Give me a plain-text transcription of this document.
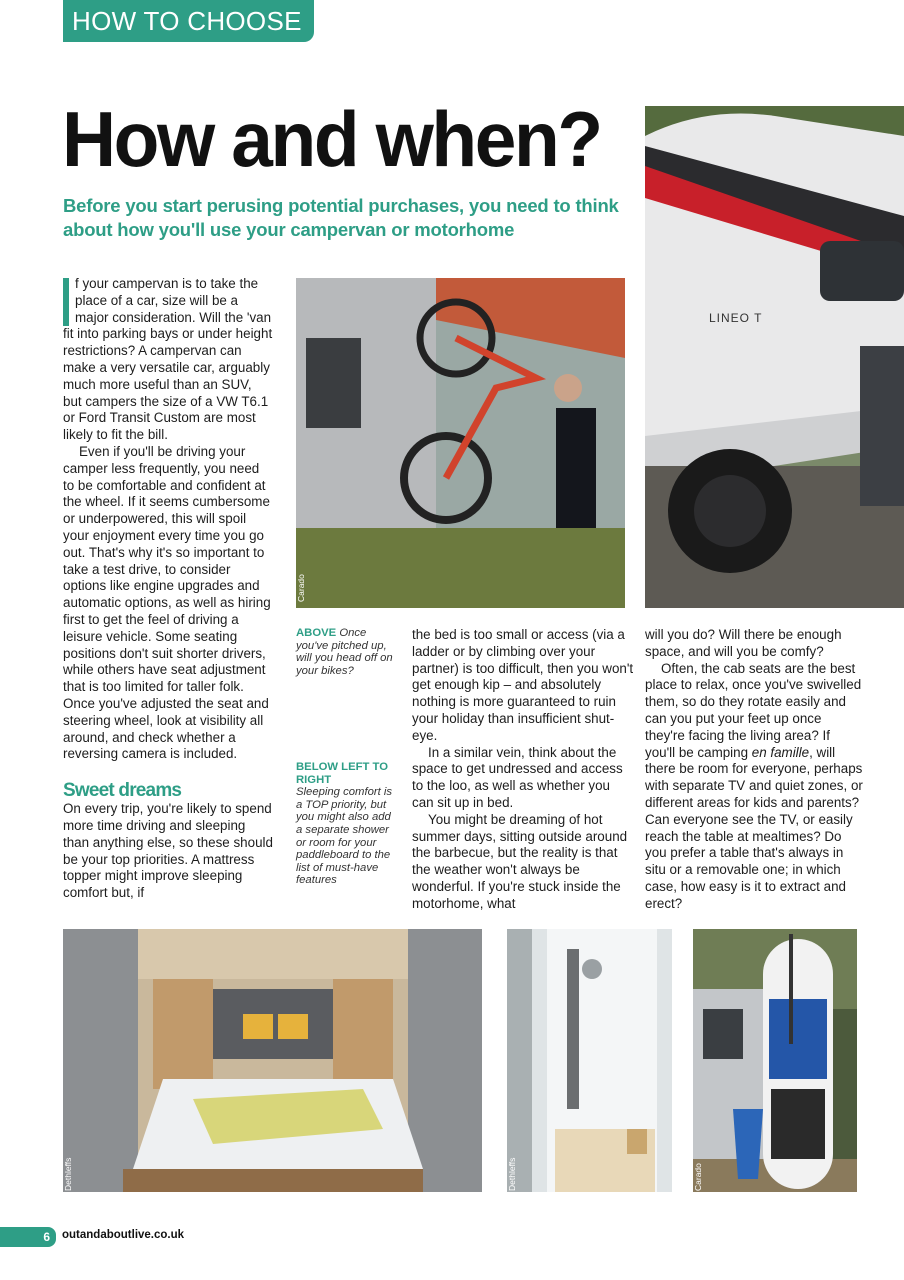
HOW TO CHOOSE
How and when?

Before you start perusing potential purchases, you need to think about how you'll use your campervan or motorhome

LINEO T
Carado

f your campervan is to take the place of a car, size will be a major consideration. Will the 'van fit into parking bays or under height restrictions? A campervan can make a very versatile car, arguably much more useful than an SUV, but campers the size of a VW T6.1 or Ford Transit Custom are most likely to fit the bill.

Even if you'll be driving your camper less frequently, you need to be comfortable and confident at the wheel. If it seems cumbersome or underpowered, this will spoil your enjoyment every time you go out. That's why it's so important to take a test drive, to consider options like engine upgrades and automatic options, as well as hiring first to get the feel of driving a leisure vehicle. Some seating positions don't suit shorter drivers, while others have seat adjustment that is too limited for taller folk. Once you've adjusted the seat and steering wheel, look at visibility all around, and check whether a reversing camera is included.

Sweet dreams

On every trip, you're likely to spend more time driving and sleeping than anything else, so these should be your top priorities. A mattress topper might improve sleeping comfort but, if

ABOVE Once you've pitched up, will you head off on your bikes?
BELOW LEFT TO RIGHT
Sleeping comfort is a TOP priority, but you might also add a separate shower or room for your paddleboard to the list of must-have features

the bed is too small or access (via a ladder or by climbing over your partner) is too difficult, then you won't get enough kip – and absolutely nothing is more guaranteed to ruin your holiday than insufficient shut-eye.

In a similar vein, think about the space to get undressed and access to the loo, as well as whether you can sit up in bed.

You might be dreaming of hot summer days, sitting outside around the barbecue, but the reality is that the weather won't always be wonderful. If you're stuck inside the motorhome, what

will you do? Will there be enough space, and will you be comfy?

Often, the cab seats are the best place to relax, once you've swivelled them, so do they rotate easily and can you put your feet up once they're facing the living area? If you'll be camping en famille, will there be room for everyone, perhaps with separate TV and quiet zones, or different areas for kids and parents? Can everyone see the TV, or easily reach the table at mealtimes? Do you prefer a table that's always in situ or a removable one; in which case, how easy is it to extract and erect?

Dethleffs	Dethleffs	Carado
6	outandaboutlive.co.uk
